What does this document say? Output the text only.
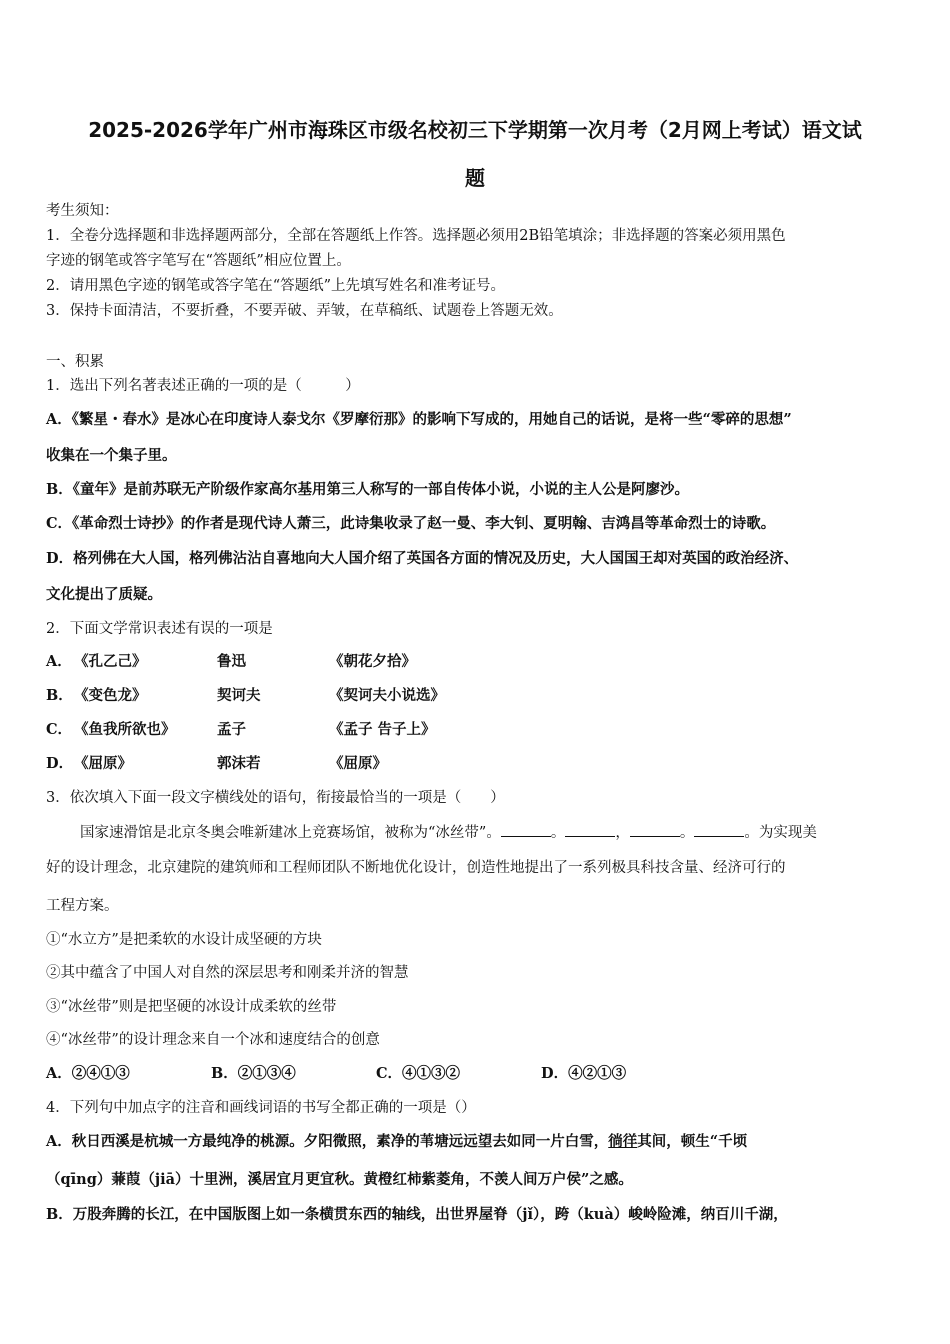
2025-2026学年广州市海珠区市级名校初三下学期第一次月考（2月网上考试）语文试
题
考生须知：
1．全卷分选择题和非选择题两部分，全部在答题纸上作答。选择题必须用2B铅笔填涂；非选择题的答案必须用黑色
字迹的钢笔或答字笔写在“答题纸”相应位置上。
2．请用黑色字迹的钢笔或答字笔在“答题纸”上先填写姓名和准考证号。
3．保持卡面清洁，不要折叠，不要弄破、弄皱，在草稿纸、试题卷上答题无效。
一、积累
1．选出下列名著表述正确的一项的是（　　　）
A．《繁星・春水》是冰心在印度诗人泰戈尔《罗摩衍那》的影响下写成的，用她自己的话说，是将一些“零碎的思想”
收集在一个集子里。
B．《童年》是前苏联无产阶级作家高尔基用第三人称写的一部自传体小说，小说的主人公是阿廖沙。
C．《革命烈士诗抄》的作者是现代诗人萧三，此诗集收录了赵一曼、李大钊、夏明翰、吉鸿昌等革命烈士的诗歌。
D．格列佛在大人国，格列佛沾沾自喜地向大人国介绍了英国各方面的情况及历史，大人国国王却对英国的政治经济、
文化提出了质疑。
2．下面文学常识表述有误的一项是
A． 《孔乙己》	鲁迅	《朝花夕拾》
B．《变色龙》	契诃夫	《契诃夫小说选》
C． 《鱼我所欲也》	孟子	《孟子 告子上》
D．《屈原》	郭沫若	《屈原》
3．依次填入下面一段文字横线处的语句，衔接最恰当的一项是（　　）
国家速滑馆是北京冬奥会唯新建冰上竞赛场馆，被称为“冰丝带”。	。	，	。	。为实现美
好的设计理念，北京建院的建筑师和工程师团队不断地优化设计，创造性地提出了一系列极具科技含量、经济可行的
工程方案。
①“水立方”是把柔软的水设计成坚硬的方块
②其中蕴含了中国人对自然的深层思考和刚柔并济的智慧
③“冰丝带”则是把坚硬的冰设计成柔软的丝带
④“冰丝带”的设计理念来自一个冰和速度结合的创意
A．②④①③	B．②①③④	C．④①③②	D．④②①③
4．下列句中加点字的注音和画线词语的书写全都正确的一项是（）
A．秋日西溪是杭城一方最纯净的桃源。夕阳微照，素净的苇塘远远望去如同一片白雪，徜徉其间，顿生“千顷
（qīng）蒹葭（jiā）十里洲，溪居宜月更宜秋。黄橙红柿紫菱角，不羡人间万户侯”之感。
B．万股奔腾的长江，在中国版图上如一条横贯东西的轴线，出世界屋脊（jǐ），跨（kuà）峻岭险滩，纳百川千湖，
